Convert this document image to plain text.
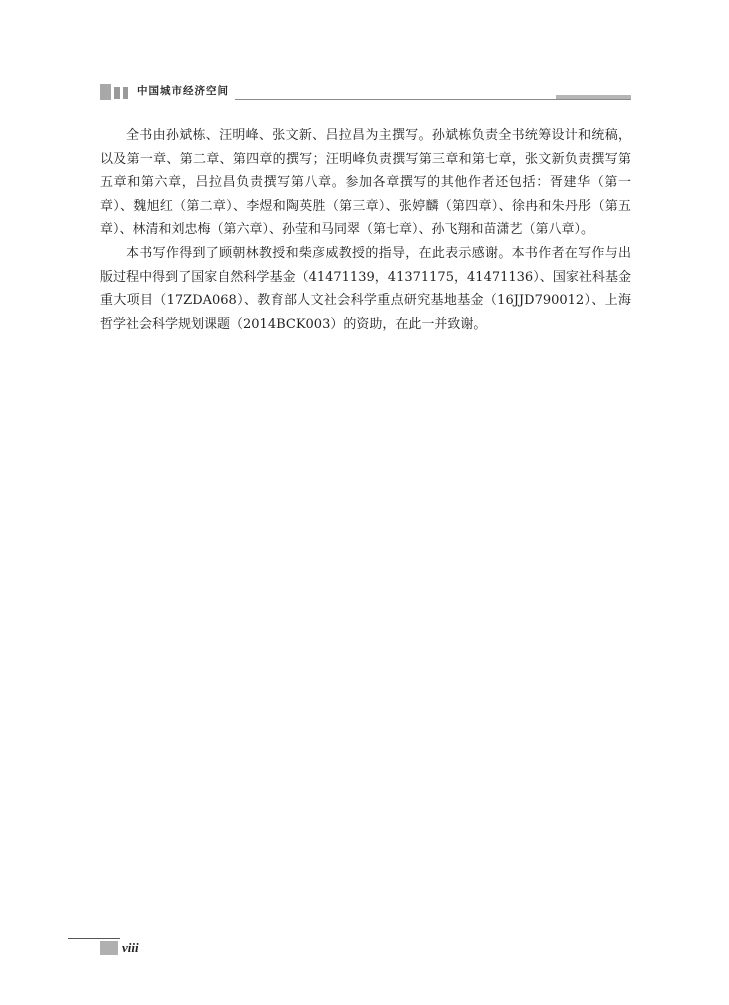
中国城市经济空间

全书由孙斌栋、汪明峰、张文新、吕拉昌为主撰写。孙斌栋负责全书统筹设计和统稿，以及第一章、第二章、第四章的撰写；汪明峰负责撰写第三章和第七章，张文新负责撰写第五章和第六章，吕拉昌负责撰写第八章。参加各章撰写的其他作者还包括：胥建华（第一章）、魏旭红（第二章）、李煜和陶英胜（第三章）、张婷麟（第四章）、徐冉和朱丹彤（第五章）、林清和刘忠梅（第六章）、孙莹和马同翠（第七章）、孙飞翔和苗潇艺（第八章）。

本书写作得到了顾朝林教授和柴彦威教授的指导，在此表示感谢。本书作者在写作与出版过程中得到了国家自然科学基金（41471139，41371175，41471136）、国家社科基金重大项目（17ZDA068）、教育部人文社会科学重点研究基地基金（16JJD790012）、上海哲学社会科学规划课题（2014BCK003）的资助，在此一并致谢。

viii
